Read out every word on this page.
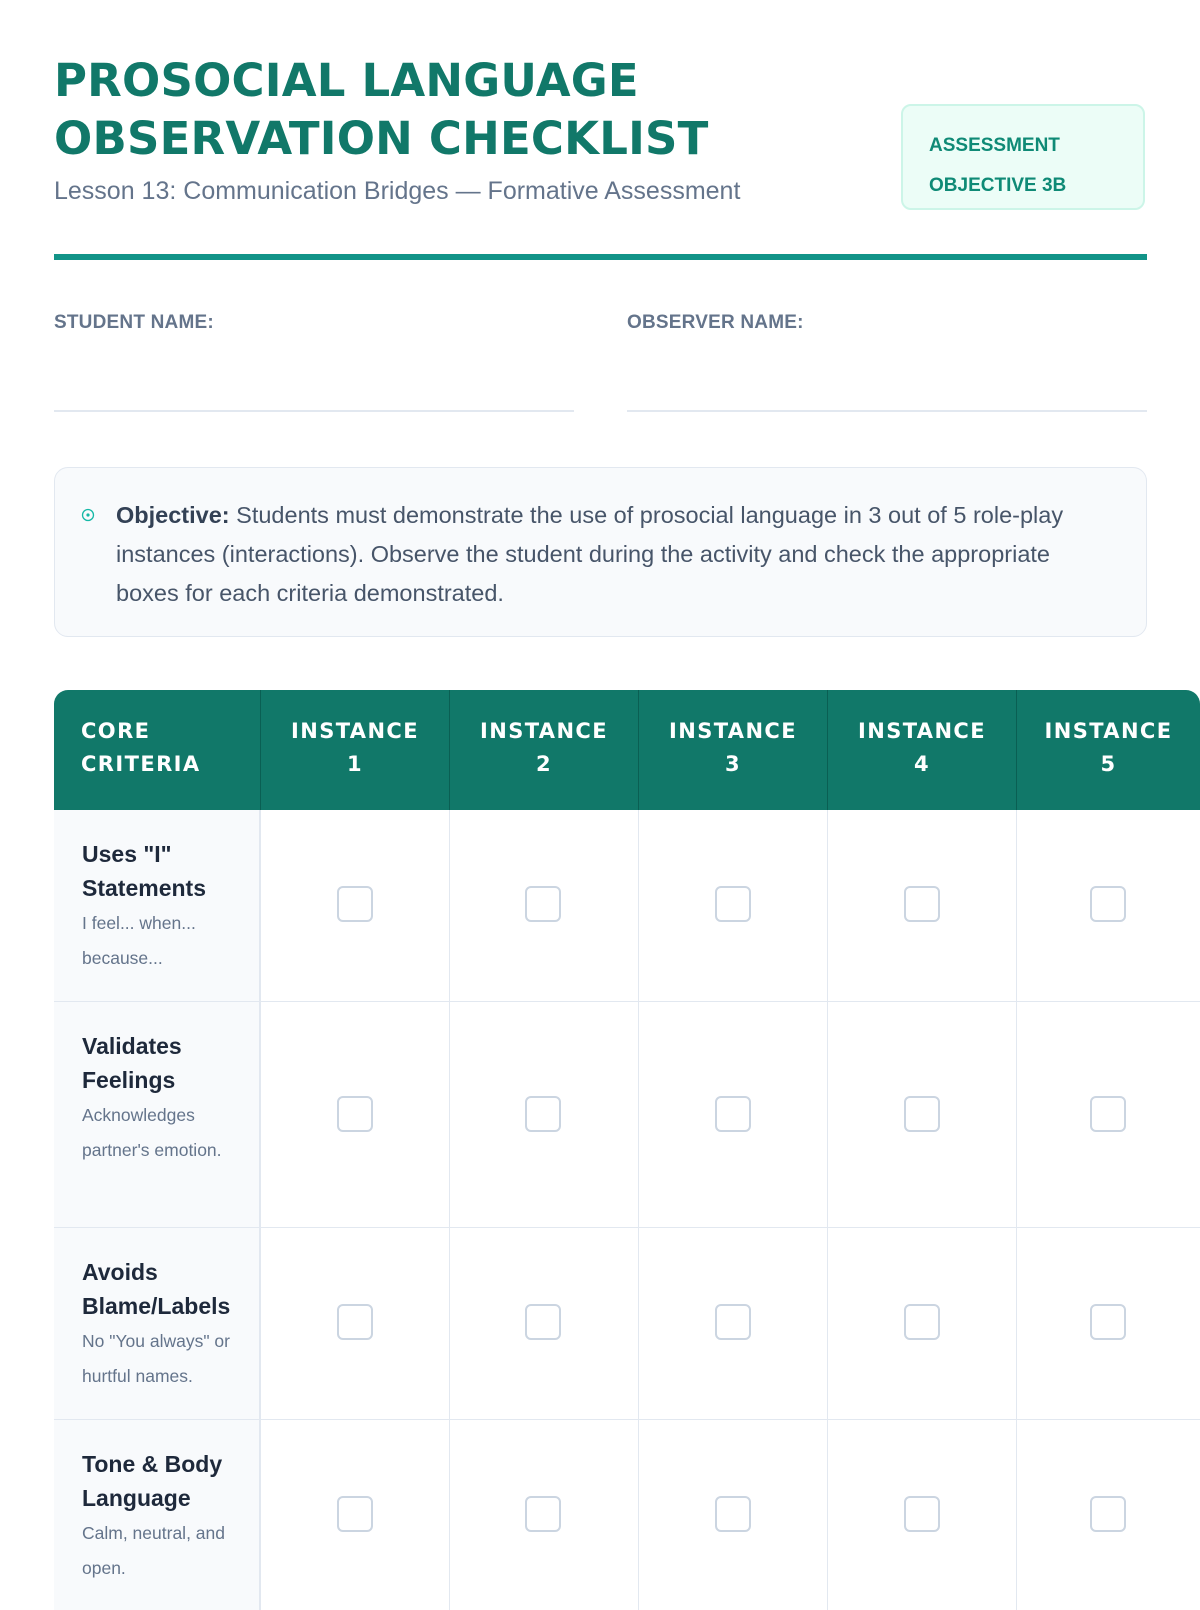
PROSOCIAL LANGUAGE
OBSERVATION CHECKLIST
Lesson 13: Communication Bridges — Formative Assessment
ASSESSMENT
OBJECTIVE 3B
STUDENT NAME:	OBSERVER NAME:
Objective: Students must demonstrate the use of prosocial language in 3 out of 5 role-play instances (interactions). Observe the student during the activity and check the appropriate boxes for each criteria demonstrated.
CORE
CRITERIA
INSTANCE
1
INSTANCE
2
INSTANCE
3
INSTANCE
4
INSTANCE
5
Uses "I" Statements
I feel... when... because...
Validates Feelings
Acknowledges partner's emotion.
Avoids Blame/Labels
No "You always" or hurtful names.
Tone & Body Language
Calm, neutral, and open.
